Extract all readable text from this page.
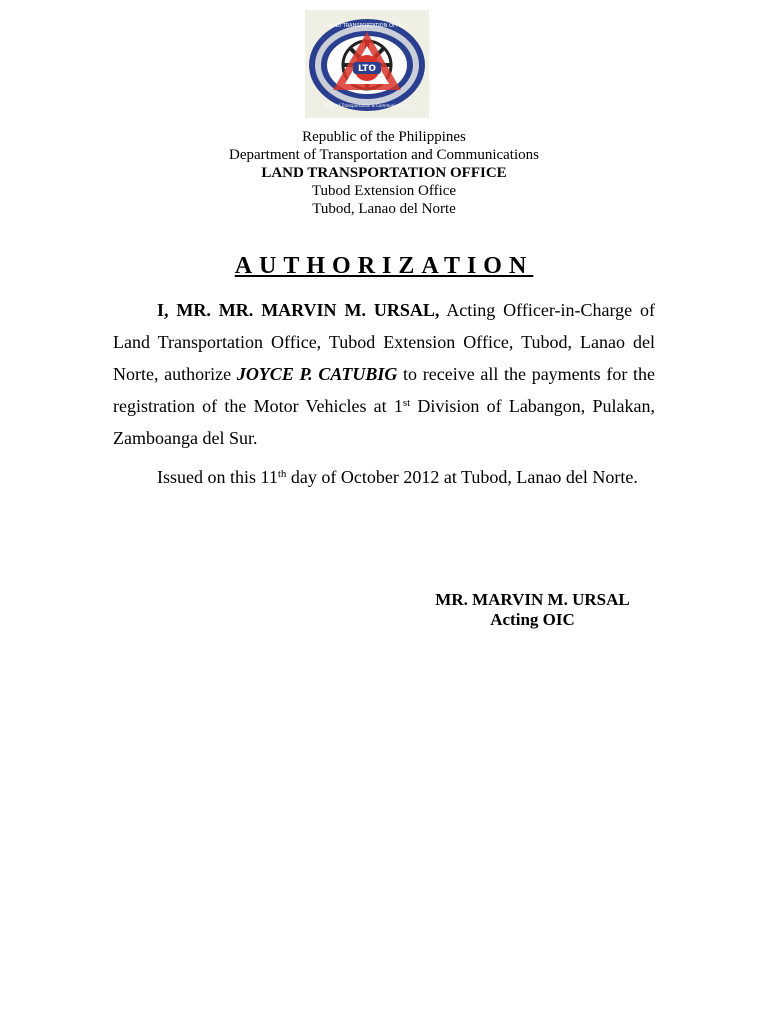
LTO
LAND TRANSPORTATION OFFICE
Dept. of Transportation & Communications
Republic of the Philippines
Department of Transportation and Communications
LAND TRANSPORTATION OFFICE
Tubod Extension Office
Tubod, Lanao del Norte
AUTHORIZATION
I, MR. MR. MARVIN M. URSAL, Acting Officer-in-Charge of Land Transportation Office, Tubod Extension Office, Tubod, Lanao del Norte, authorize JOYCE P. CATUBIG to receive all the payments for the registration of the Motor Vehicles at 1st Division of Labangon, Pulakan, Zamboanga del Sur.
Issued on this 11th day of October 2012 at Tubod, Lanao del Norte.
MR. MARVIN M. URSAL
Acting OIC
